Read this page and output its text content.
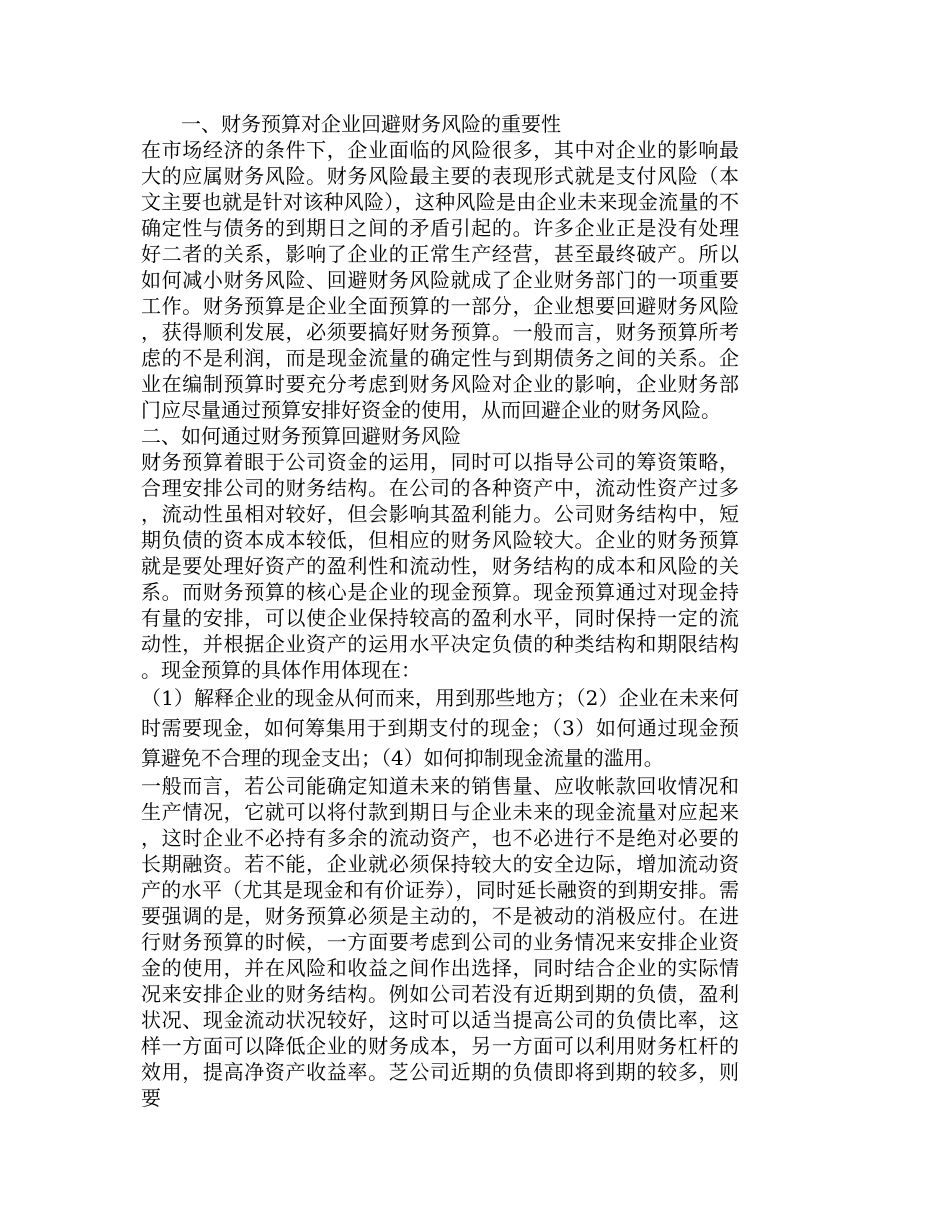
一、财务预算对企业回避财务风险的重要性

在市场经济的条件下，企业面临的风险很多，其中对企业的影响最大的应属财务风险。财务风险最主要的表现形式就是支付风险（本文主要也就是针对该种风险），这种风险是由企业未来现金流量的不确定性与债务的到期日之间的矛盾引起的。许多企业正是没有处理好二者的关系，影响了企业的正常生产经营，甚至最终破产。所以如何减小财务风险、回避财务风险就成了企业财务部门的一项重要工作。财务预算是企业全面预算的一部分，企业想要回避财务风险，获得顺利发展，必须要搞好财务预算。一般而言，财务预算所考虑的不是利润，而是现金流量的确定性与到期债务之间的关系。企业在编制预算时要充分考虑到财务风险对企业的影响，企业财务部门应尽量通过预算安排好资金的使用，从而回避企业的财务风险。

二、如何通过财务预算回避财务风险

财务预算着眼于公司资金的运用，同时可以指导公司的筹资策略，合理安排公司的财务结构。在公司的各种资产中，流动性资产过多，流动性虽相对较好，但会影响其盈利能力。公司财务结构中，短期负债的资本成本较低，但相应的财务风险较大。企业的财务预算就是要处理好资产的盈利性和流动性，财务结构的成本和风险的关系。而财务预算的核心是企业的现金预算。现金预算通过对现金持有量的安排，可以使企业保持较高的盈利水平，同时保持一定的流动性，并根据企业资产的运用水平决定负债的种类结构和期限结构。现金预算的具体作用体现在：

（1）解释企业的现金从何而来，用到那些地方；（2）企业在未来何时需要现金，如何筹集用于到期支付的现金；（3）如何通过现金预算避免不合理的现金支出；（4）如何抑制现金流量的滥用。

一般而言，若公司能确定知道未来的销售量、应收帐款回收情况和生产情况，它就可以将付款到期日与企业未来的现金流量对应起来，这时企业不必持有多余的流动资产，也不必进行不是绝对必要的长期融资。若不能，企业就必须保持较大的安全边际，增加流动资产的水平（尤其是现金和有价证券），同时延长融资的到期安排。需要强调的是，财务预算必须是主动的，不是被动的消极应付。在进行财务预算的时候，一方面要考虑到公司的业务情况来安排企业资金的使用，并在风险和收益之间作出选择，同时结合企业的实际情况来安排企业的财务结构。例如公司若没有近期到期的负债，盈利状况、现金流动状况较好，这时可以适当提高公司的负债比率，这样一方面可以降低企业的财务成本，另一方面可以利用财务杠杆的效用，提高净资产收益率。芝公司近期的负债即将到期的较多，则要
